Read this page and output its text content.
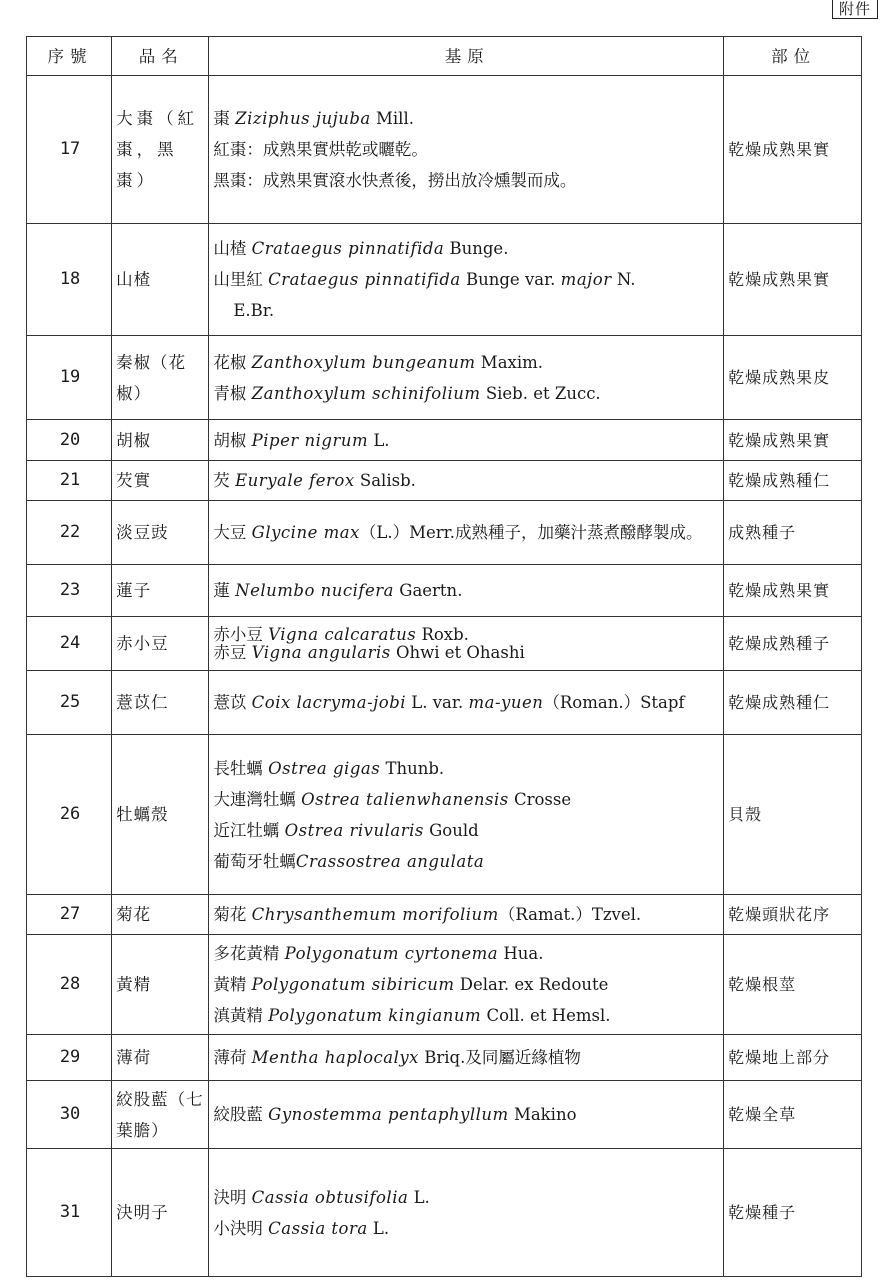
附件
序號	品名	基原	部位
17	大棗（紅棗，黑棗）	棗 Ziziphus jujuba Mill.
紅棗：成熟果實烘乾或曬乾。
黑棗：成熟果實滾水快煮後，撈出放冷燻製而成。	乾燥成熟果實
18	山楂	山楂 Crataegus pinnatifida Bunge.
山里紅 Crataegus pinnatifida Bunge var. major N.
E.Br.	乾燥成熟果實
19	秦椒（花椒）	花椒 Zanthoxylum bungeanum Maxim.
青椒 Zanthoxylum schinifolium Sieb. et Zucc.	乾燥成熟果皮
20	胡椒	胡椒 Piper nigrum L.	乾燥成熟果實
21	芡實	芡 Euryale ferox Salisb.	乾燥成熟種仁
22	淡豆豉	大豆 Glycine max（L.）Merr.成熟種子，加藥汁蒸煮醱酵製成。	成熟種子
23	蓮子	蓮 Nelumbo nucifera Gaertn.	乾燥成熟果實
24	赤小豆	赤小豆 Vigna calcaratus Roxb.
赤豆 Vigna angularis Ohwi et Ohashi	乾燥成熟種子
25	薏苡仁	薏苡 Coix lacryma-jobi L. var. ma-yuen（Roman.）Stapf	乾燥成熟種仁
26	牡蠣殼	長牡蠣 Ostrea gigas Thunb.
大連灣牡蠣 Ostrea talienwhanensis Crosse
近江牡蠣 Ostrea rivularis Gould
葡萄牙牡蠣Crassostrea angulata	貝殼
27	菊花	菊花 Chrysanthemum morifolium（Ramat.）Tzvel.	乾燥頭狀花序
28	黃精	多花黃精 Polygonatum cyrtonema Hua.
黃精 Polygonatum sibiricum Delar. ex Redoute
滇黃精 Polygonatum kingianum Coll. et Hemsl.	乾燥根莖
29	薄荷	薄荷 Mentha haplocalyx Briq.及同屬近緣植物	乾燥地上部分
30	絞股藍（七葉膽）	絞股藍 Gynostemma pentaphyllum Makino	乾燥全草
31	決明子	決明 Cassia obtusifolia L.
小決明 Cassia tora L.	乾燥種子
